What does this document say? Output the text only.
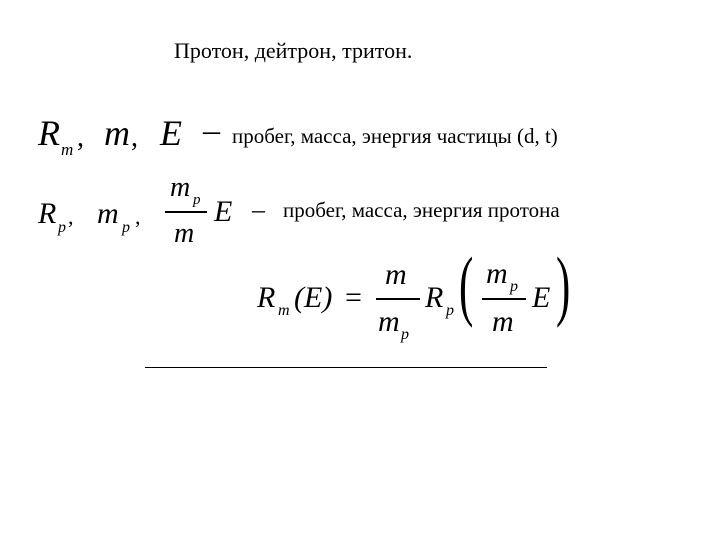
Протон, дейтрон, тритон.
R m , m , E – пробег, масса, энергия частицы (d, t)
R p , m p ,
m p
m
E – пробег, масса, энергия протона
R m (E) =
m
m p
R p ( m p
m
E )
